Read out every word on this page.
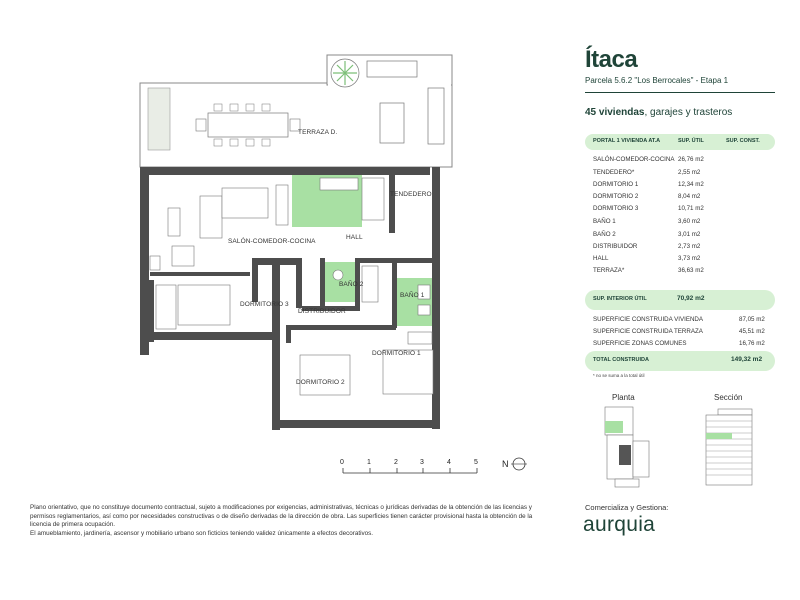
TERRAZA D.
TENDEDERO
SALÓN-COMEDOR-COCINA
HALL
BAÑO 2
BAÑO 1
DORMITORIO 3
DISTRIBUIDOR
DORMITORIO 1
DORMITORIO 2
0	1	2	3	4	5	N
Ítaca
Parcela 5.6.2 "Los Berrocales" - Etapa 1
45 viviendas, garajes y trasteros
PORTAL 1 VIVIENDA AT.A	SUP. ÚTIL	SUP. CONST.
SALÓN-COMEDOR-COCINA 26,76 m2
TENDEDERO*	2,55 m2
DORMITORIO 1	12,34 m2
DORMITORIO 2	8,04 m2
DORMITORIO 3	10,71 m2
BAÑO 1	3,60 m2
BAÑO 2	3,01 m2
DISTRIBUIDOR	2,73 m2
HALL	3,73 m2
TERRAZA*	36,63 m2
SUP. INTERIOR ÚTIL	70,92 m2
SUPERFICIE CONSTRUIDA VIVIENDA	87,05 m2
SUPERFICIE CONSTRUIDA TERRAZA	45,51 m2
SUPERFICIE ZONAS COMUNES	16,76 m2
TOTAL CONSTRUIDA	149,32 m2
* no se suma a la total útil
Planta	Sección

Plano orientativo, que no constituye documento contractual, sujeto a modificaciones por exigencias, administrativas, técnicas o jurídicas derivadas de la obtención de las licencias y permisos reglamentarios, así como por necesidades constructivas o de diseño derivadas de la dirección de obra. Las superficies tienen carácter provisional hasta la obtención de la licencia de primera ocupación.

El amueblamiento, jardinería, ascensor y mobiliario urbano son ficticios teniendo validez únicamente a efectos decorativos.

Comercializa y Gestiona:
aurquia
